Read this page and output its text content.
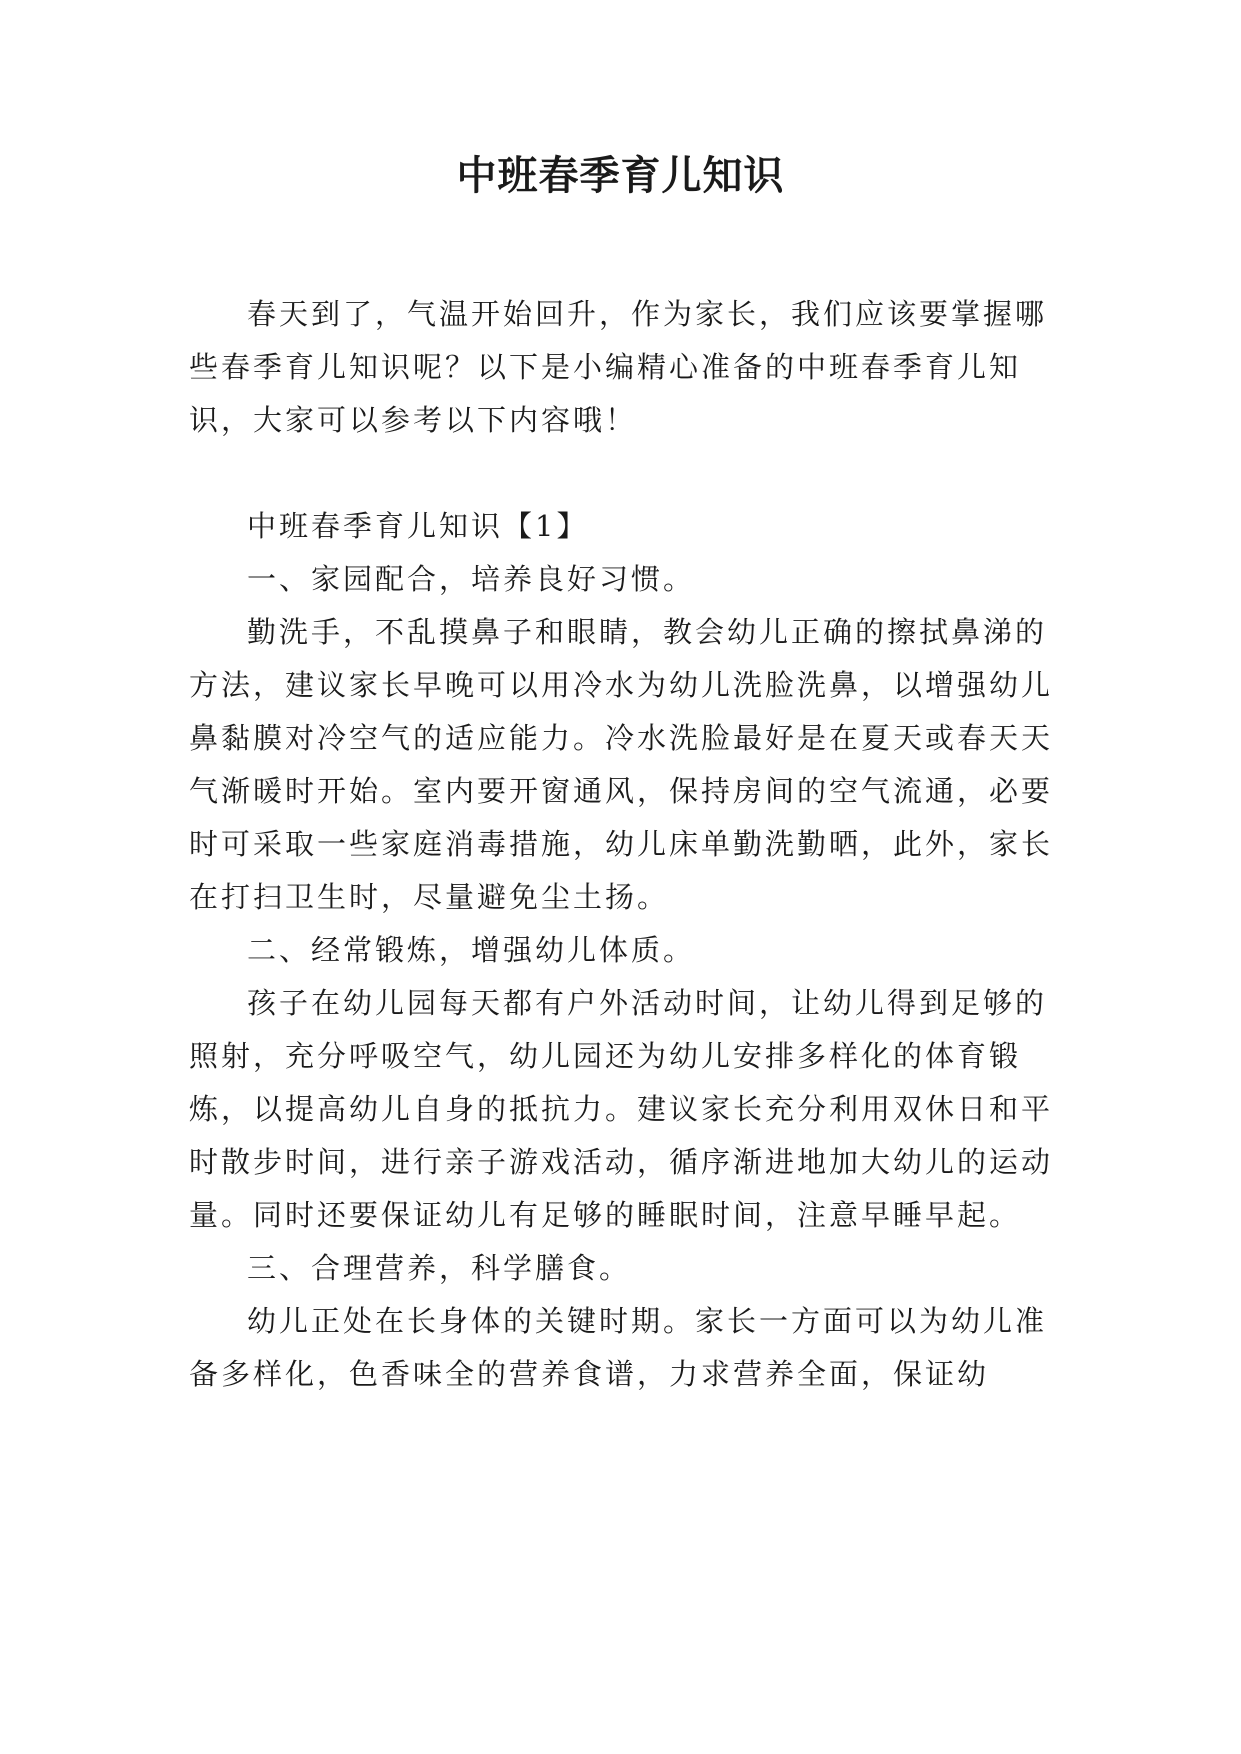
中班春季育儿知识

春天到了，气温开始回升，作为家长，我们应该要掌握哪些春季育儿知识呢？以下是小编精心准备的中班春季育儿知识，大家可以参考以下内容哦！

中班春季育儿知识【1】

一、家园配合，培养良好习惯。

勤洗手，不乱摸鼻子和眼睛，教会幼儿正确的擦拭鼻涕的方法，建议家长早晚可以用冷水为幼儿洗脸洗鼻，以增强幼儿鼻黏膜对冷空气的适应能力。冷水洗脸最好是在夏天或春天天气渐暖时开始。室内要开窗通风，保持房间的空气流通，必要时可采取一些家庭消毒措施，幼儿床单勤洗勤晒，此外，家长在打扫卫生时，尽量避免尘土扬。

二、经常锻炼，增强幼儿体质。

孩子在幼儿园每天都有户外活动时间，让幼儿得到足够的照射，充分呼吸空气，幼儿园还为幼儿安排多样化的体育锻炼，以提高幼儿自身的抵抗力。建议家长充分利用双休日和平时散步时间，进行亲子游戏活动，循序渐进地加大幼儿的运动量。同时还要保证幼儿有足够的睡眠时间，注意早睡早起。

三、合理营养，科学膳食。

幼儿正处在长身体的关键时期。家长一方面可以为幼儿准备多样化，色香味全的营养食谱，力求营养全面，保证幼
